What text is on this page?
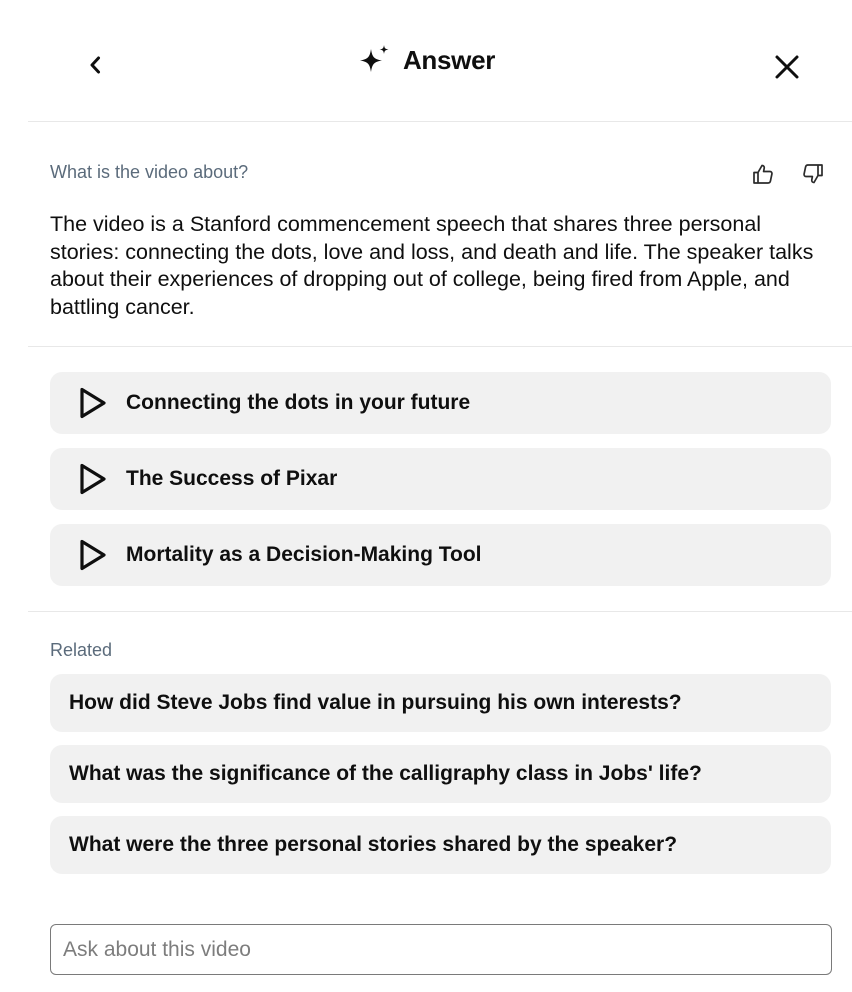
Answer
What is the video about?
The video is a Stanford commencement speech that shares three personal stories: connecting the dots, love and loss, and death and life. The speaker talks about their experiences of dropping out of college, being fired from Apple, and battling cancer.
Connecting the dots in your future
The Success of Pixar
Mortality as a Decision-Making Tool
Related
How did Steve Jobs find value in pursuing his own interests?
What was the significance of the calligraphy class in Jobs' life?
What were the three personal stories shared by the speaker?
Ask about this video
